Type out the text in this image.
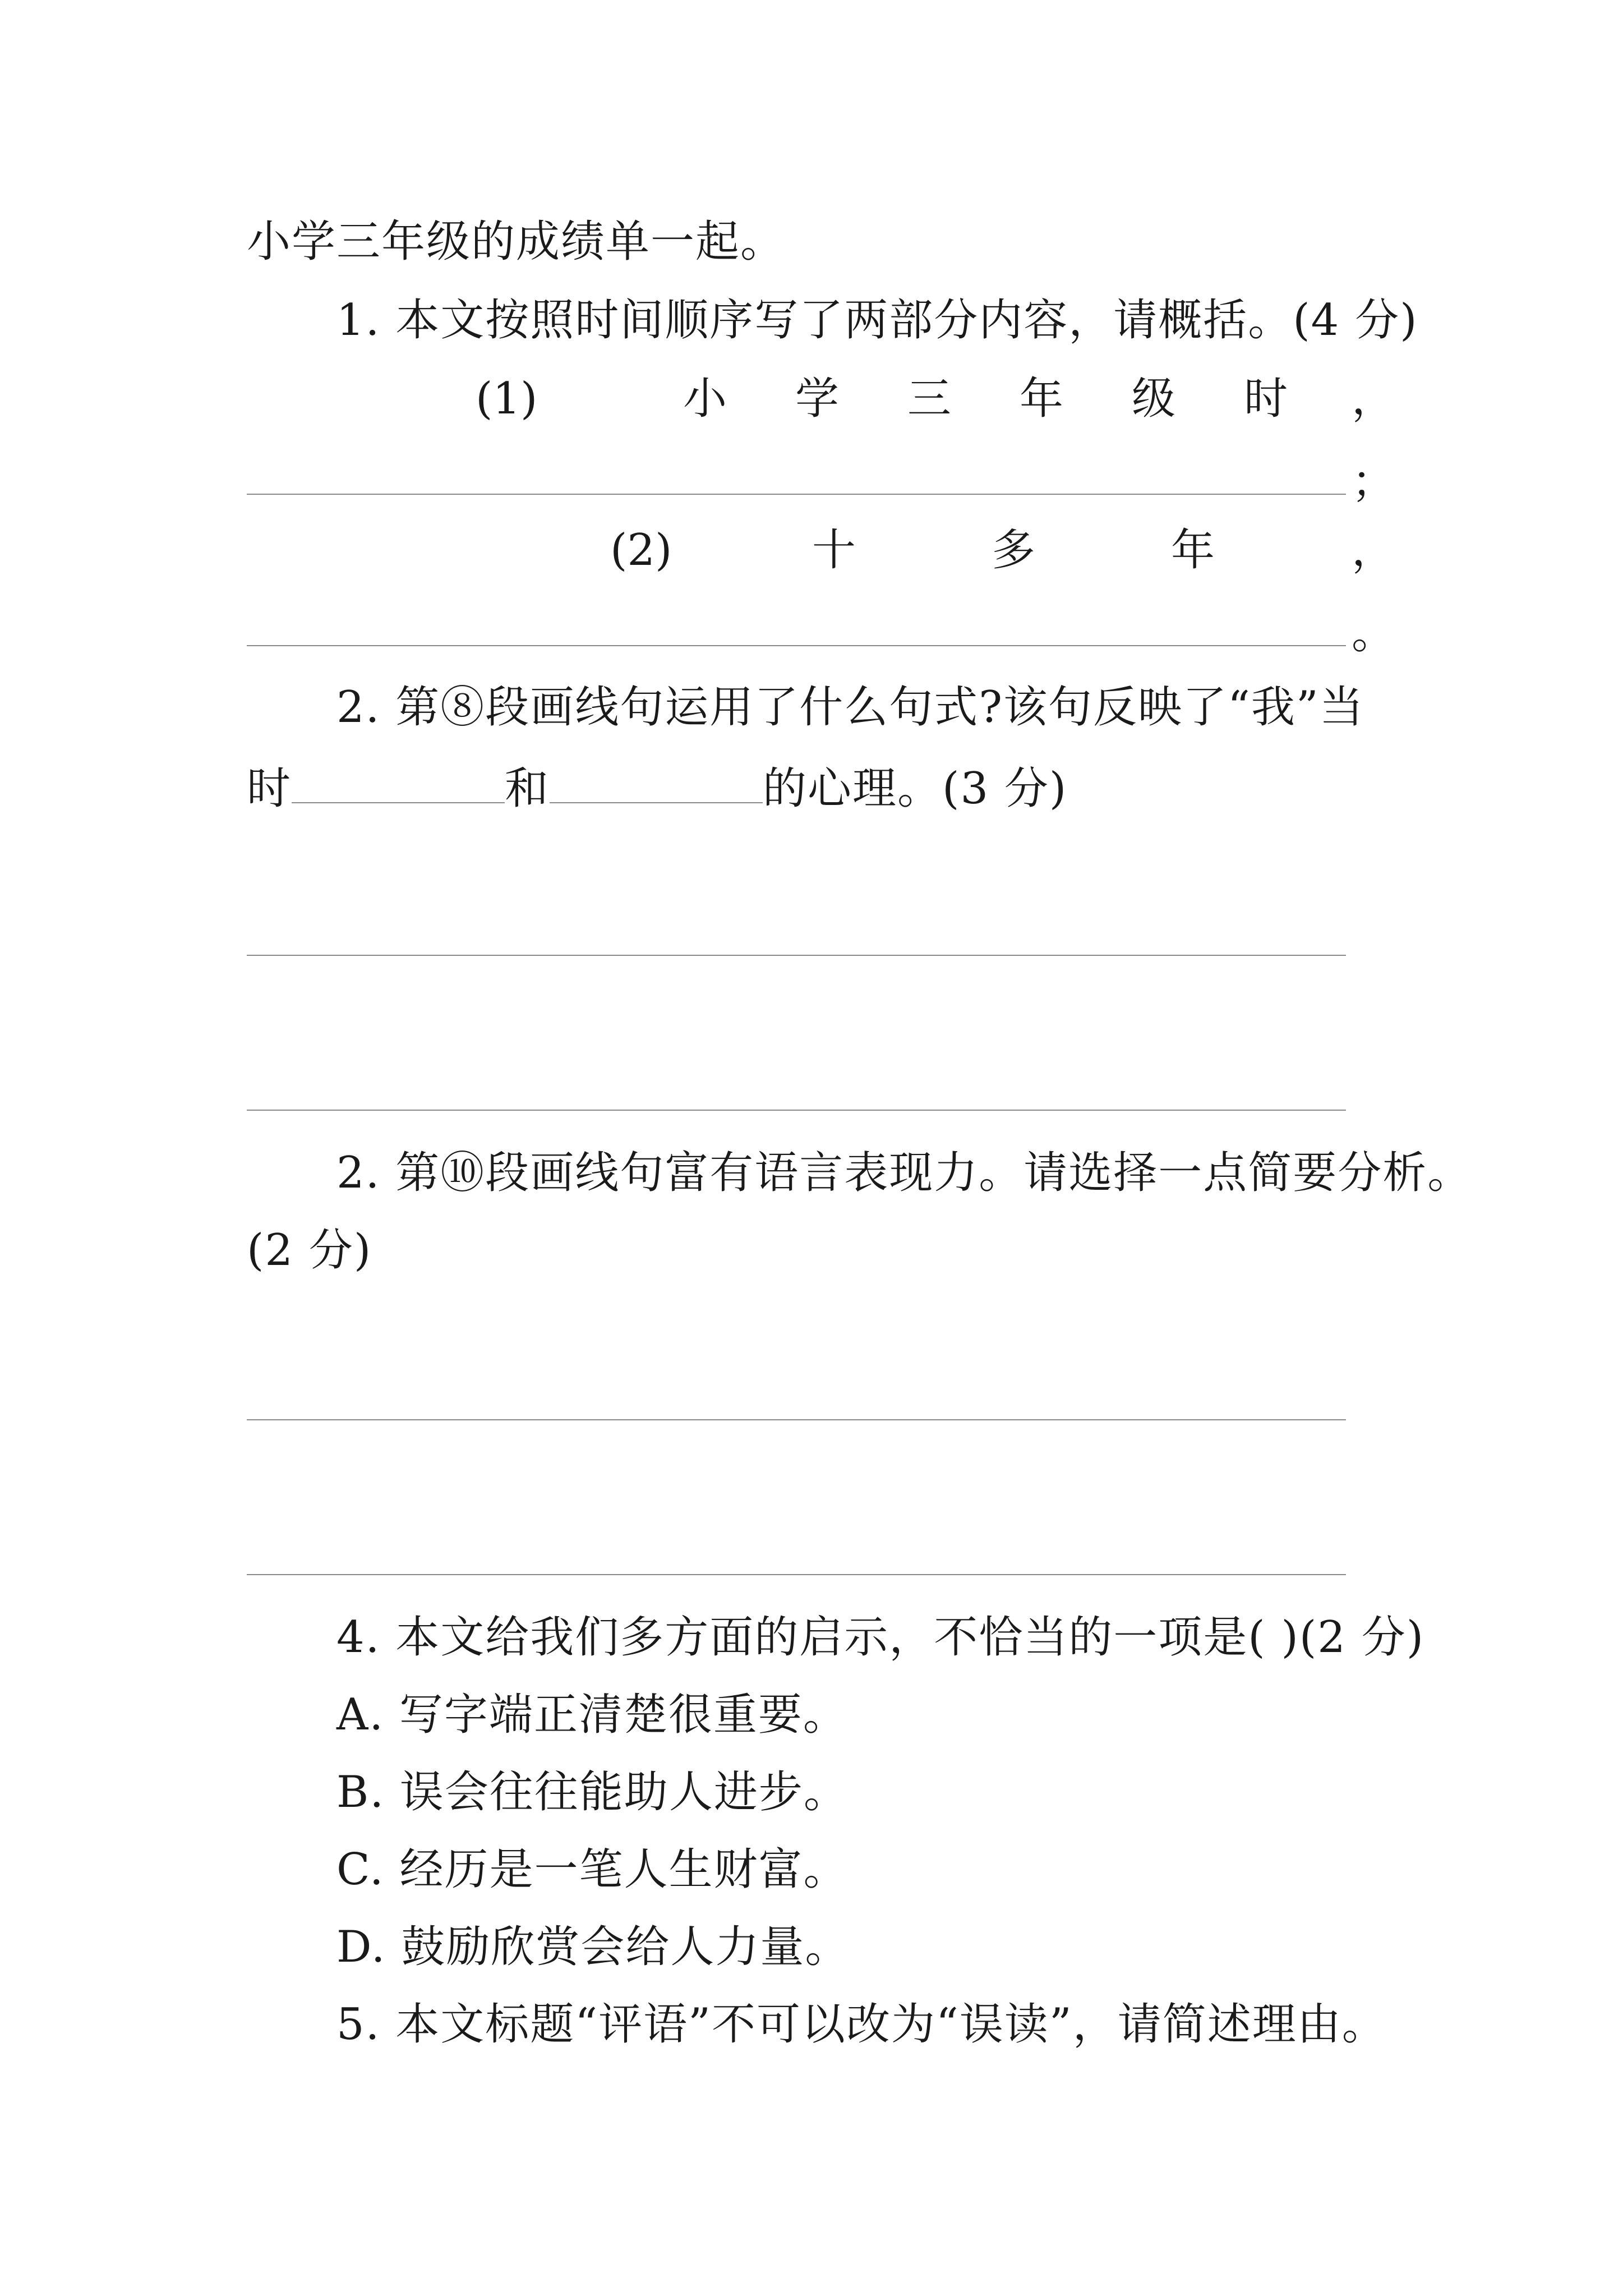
小学三年级的成绩单一起。
1. 本文按照时间顺序写了两部分内容，请概括。(4 分)
(1)	小 学 三 年 级 时 ，
；
(2)	十	多	年	，
。
2. 第⑧段画线句运用了什么句式?该句反映了“我”当
时	和	的心理。(3 分)
2. 第⑩段画线句富有语言表现力。请选择一点简要分析。
(2 分)
4. 本文给我们多方面的启示，不恰当的一项是( )(2 分)
A. 写字端正清楚很重要。
B. 误会往往能助人进步。
C. 经历是一笔人生财富。
D. 鼓励欣赏会给人力量。
5. 本文标题“评语”不可以改为“误读”，请简述理由。
